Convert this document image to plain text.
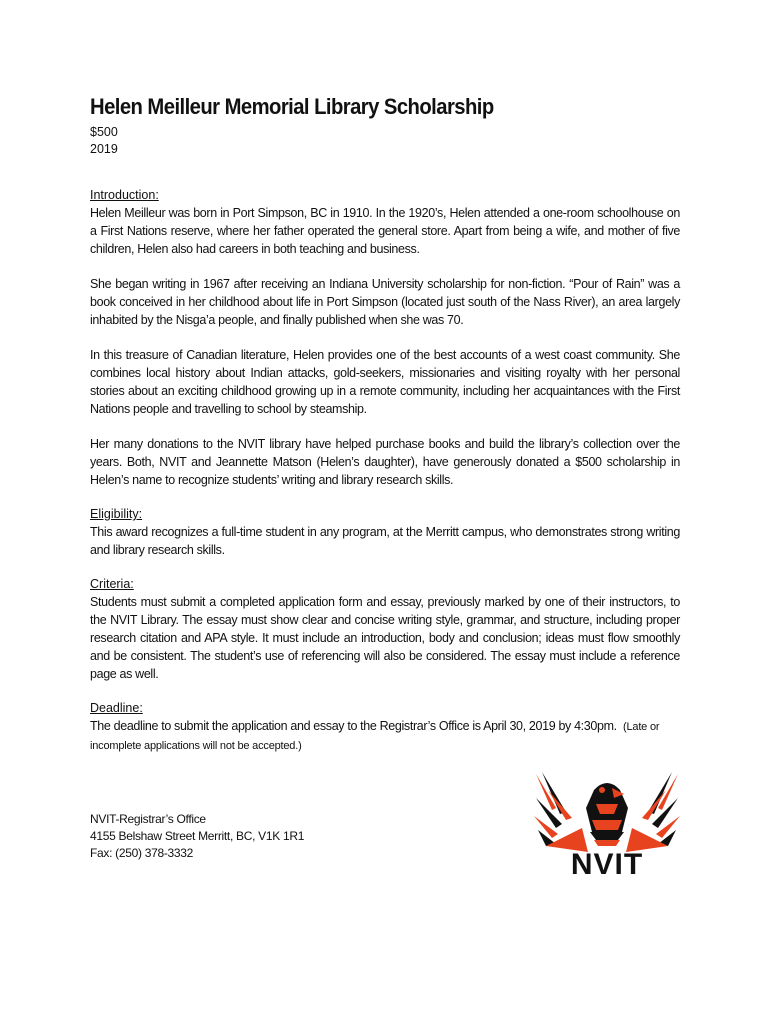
Helen Meilleur Memorial Library Scholarship
$500
2019
Introduction:

Helen Meilleur was born in Port Simpson, BC in 1910. In the 1920’s, Helen attended a one-room schoolhouse on a First Nations reserve, where her father operated the general store. Apart from being a wife, and mother of five children, Helen also had careers in both teaching and business.

She began writing in 1967 after receiving an Indiana University scholarship for non-fiction. “Pour of Rain” was a book conceived in her childhood about life in Port Simpson (located just south of the Nass River), an area largely inhabited by the Nisga’a people, and finally published when she was 70.

In this treasure of Canadian literature, Helen provides one of the best accounts of a west coast community. She combines local history about Indian attacks, gold-seekers, missionaries and visiting royalty with her personal stories about an exciting childhood growing up in a remote community, including her acquaintances with the First Nations people and travelling to school by steamship.

Her many donations to the NVIT library have helped purchase books and build the library’s collection over the years. Both, NVIT and Jeannette Matson (Helen’s daughter), have generously donated a $500 scholarship in Helen’s name to recognize students’ writing and library research skills.

Eligibility:

This award recognizes a full-time student in any program, at the Merritt campus, who demonstrates strong writing and library research skills.

Criteria:

Students must submit a completed application form and essay, previously marked by one of their instructors, to the NVIT Library. The essay must show clear and concise writing style, grammar, and structure, including proper research citation and APA style. It must include an introduction, body and conclusion; ideas must flow smoothly and be consistent. The student’s use of referencing will also be considered. The essay must include a reference page as well.

Deadline:

The deadline to submit the application and essay to the Registrar’s Office is April 30, 2019 by 4:30pm. (Late or incomplete applications will not be accepted.)

NVIT-Registrar’s Office
4155 Belshaw Street Merritt, BC, V1K 1R1
Fax: (250) 378-3332	NVIT
